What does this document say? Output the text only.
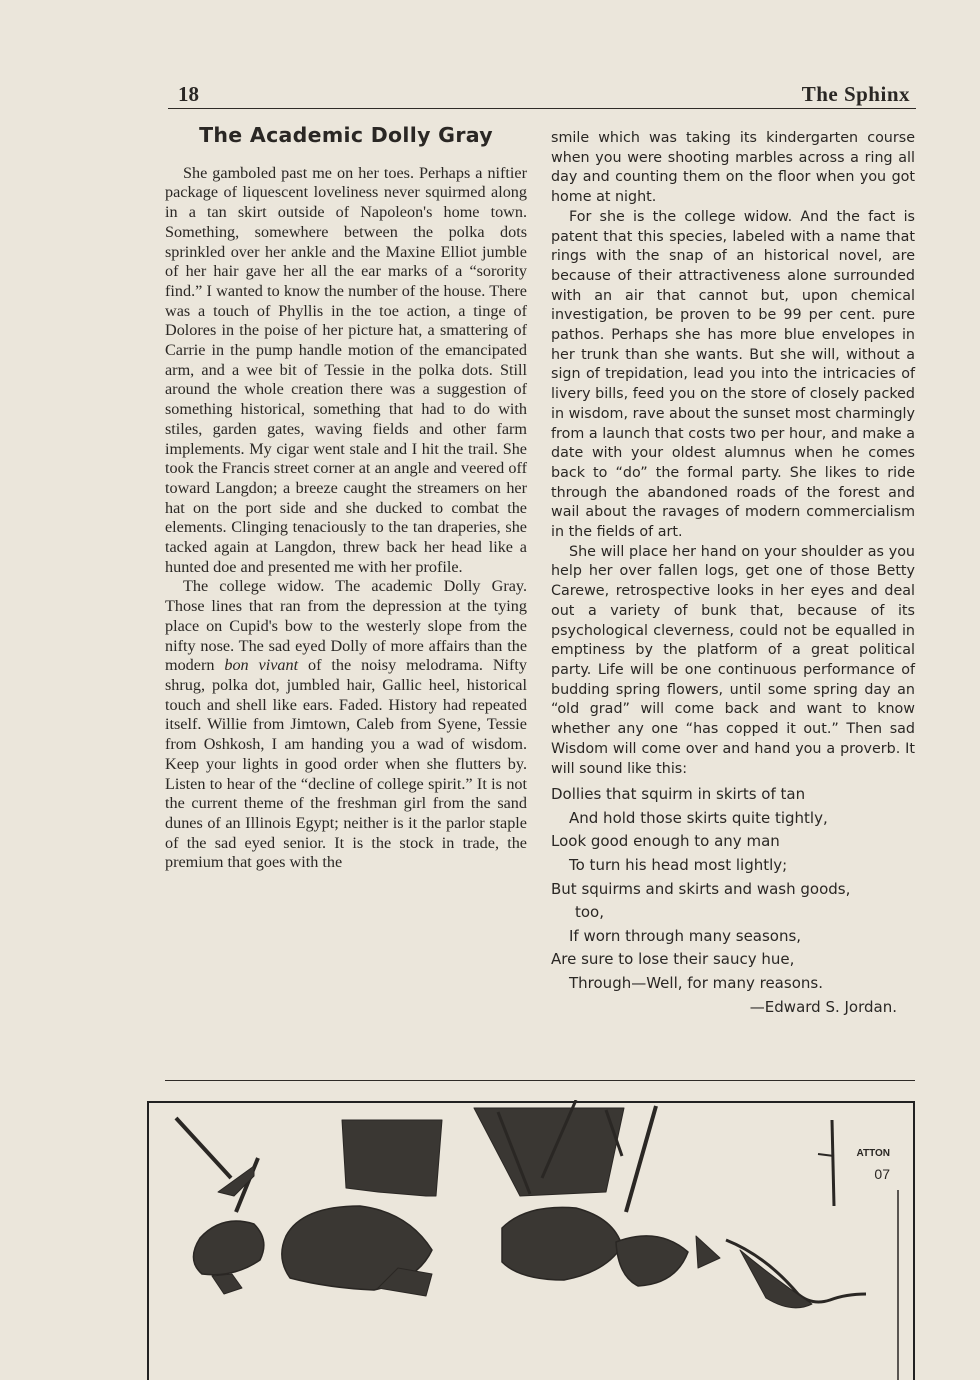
18	The Sphinx
The Academic Dolly Gray

She gamboled past me on her toes. Perhaps a niftier package of liquescent loveliness never squirmed along in a tan skirt outside of Napoleon's home town. Something, somewhere between the polka dots sprinkled over her ankle and the Maxine Elliot jumble of her hair gave her all the ear marks of a “sorority find.” I wanted to know the number of the house. There was a touch of Phyllis in the toe action, a tinge of Dolores in the poise of her picture hat, a smattering of Carrie in the pump handle motion of the emancipated arm, and a wee bit of Tessie in the polka dots. Still around the whole creation there was a suggestion of something historical, something that had to do with stiles, garden gates, waving fields and other farm implements. My cigar went stale and I hit the trail. She took the Francis street corner at an angle and veered off toward Langdon; a breeze caught the streamers on her hat on the port side and she ducked to combat the elements. Clinging tenaciously to the tan draperies, she tacked again at Langdon, threw back her head like a hunted doe and presented me with her profile.

The college widow. The academic Dolly Gray. Those lines that ran from the depression at the tying place on Cupid's bow to the westerly slope from the nifty nose. The sad eyed Dolly of more affairs than the modern bon vivant of the noisy melodrama. Nifty shrug, polka dot, jumbled hair, Gallic heel, historical touch and shell like ears. Faded. History had repeated itself. Willie from Jimtown, Caleb from Syene, Tessie from Oshkosh, I am handing you a wad of wisdom. Keep your lights in good order when she flutters by. Listen to hear of the “decline of college spirit.” It is not the current theme of the freshman girl from the sand dunes of an Illinois Egypt; neither is it the parlor staple of the sad eyed senior. It is the stock in trade, the premium that goes with the

smile which was taking its kindergarten course when you were shooting marbles across a ring all day and counting them on the floor when you got home at night.

For she is the college widow. And the fact is patent that this species, labeled with a name that rings with the snap of an historical novel, are because of their attractiveness alone surrounded with an air that cannot but, upon chemical investigation, be proven to be 99 per cent. pure pathos. Perhaps she has more blue envelopes in her trunk than she wants. But she will, without a sign of trepidation, lead you into the intricacies of livery bills, feed you on the store of closely packed in wisdom, rave about the sunset most charmingly from a launch that costs two per hour, and make a date with your oldest alumnus when he comes back to “do” the formal party. She likes to ride through the abandoned roads of the forest and wail about the ravages of modern commercialism in the fields of art.

She will place her hand on your shoulder as you help her over fallen logs, get one of those Betty Carewe, retrospective looks in her eyes and deal out a variety of bunk that, because of its psychological cleverness, could not be equalled in emptiness by the platform of a great political party. Life will be one continuous performance of budding spring flowers, until some spring day an “old grad” will come back and want to know whether any one “has copped it out.” Then sad Wisdom will come over and hand you a proverb. It will sound like this:

Dollies that squirm in skirts of tan
And hold those skirts quite tightly,
Look good enough to any man
To turn his head most lightly;
But squirms and skirts and wash goods,
too,
If worn through many seasons,
Are sure to lose their saucy hue,
Through—Well, for many reasons.
—Edward S. Jordan.
ATTON
07
